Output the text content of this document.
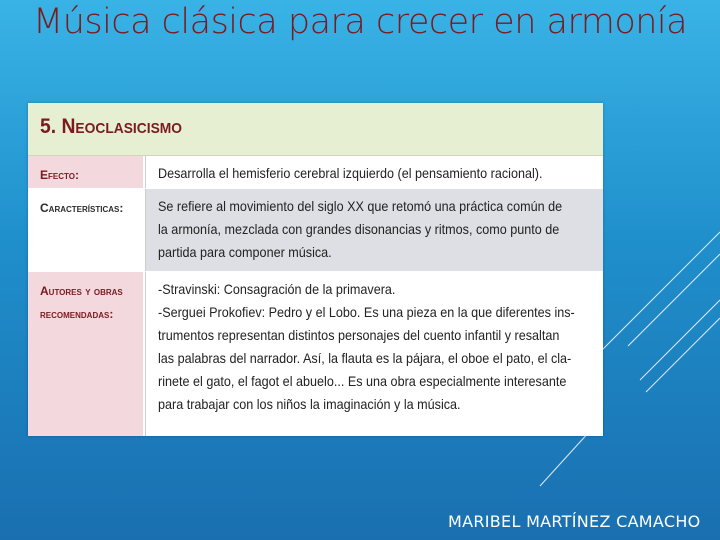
Música clásica para crecer en armonía
5. Neoclasicismo
Efecto:	Desarrolla el hemisferio cerebral izquierdo (el pensamiento racional).
Características:	Se refiere al movimiento del siglo XX que retomó una práctica común de
la armonía, mezclada con grandes disonancias y ritmos, como punto de
partida para componer música.
Autores y obras
recomendadas:
-Stravinski: Consagración de la primavera.
-Serguei Prokofiev: Pedro y el Lobo. Es una pieza en la que diferentes ins-
trumentos representan distintos personajes del cuento infantil y resaltan
las palabras del narrador. Así, la flauta es la pájara, el oboe el pato, el cla-
rinete el gato, el fagot el abuelo... Es una obra especialmente interesante
para trabajar con los niños la imaginación y la música.
MARIBEL MARTÍNEZ CAMACHO
